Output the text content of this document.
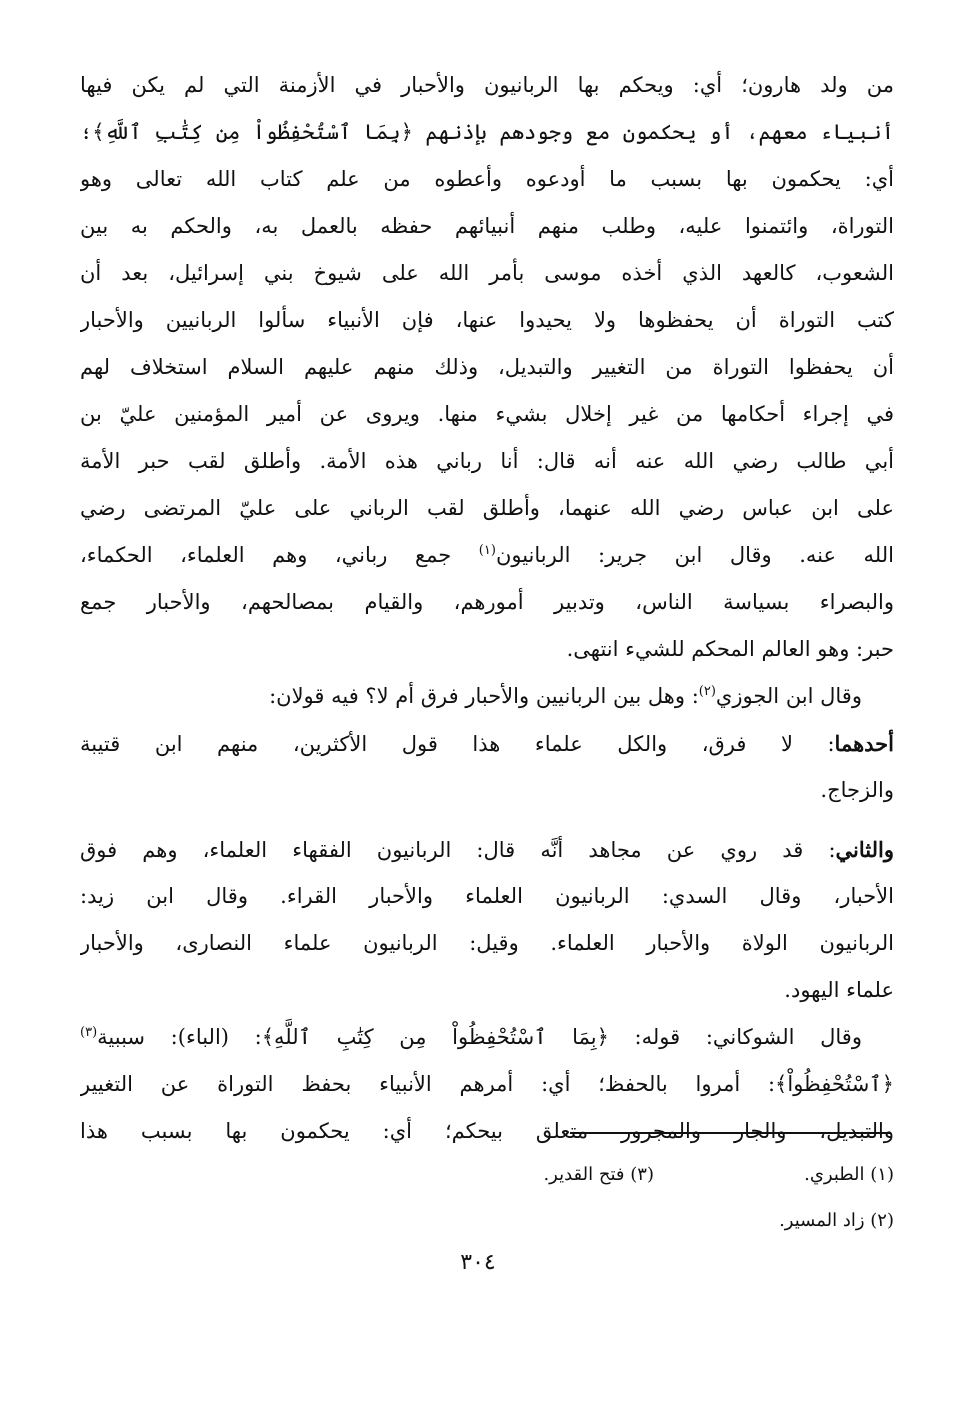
من ولد هارون؛ أي: ويحكم بها الربانيون والأحبار في الأزمنة التي لم يكن فيها
أنبياء معهم، أو يحكمون مع وجودهم بإذنهم ﴿بِمَا ٱسْتُحْفِظُواْ مِن كِتَٰبِ ٱللَّهِ﴾؛
أي: يحكمون بها بسبب ما أودعوه وأعطوه من علم كتاب الله تعالى وهو
التوراة، وائتمنوا عليه، وطلب منهم أنبيائهم حفظه بالعمل به، والحكم به بين
الشعوب، كالعهد الذي أخذه موسى بأمر الله على شيوخ بني إسرائيل، بعد أن
كتب التوراة أن يحفظوها ولا يحيدوا عنها، فإن الأنبياء سألوا الربانيين والأحبار
أن يحفظوا التوراة من التغيير والتبديل، وذلك منهم عليهم السلام استخلاف لهم
في إجراء أحكامها من غير إخلال بشيء منها. ويروى عن أمير المؤمنين عليّ بن
أبي طالب رضي الله عنه أنه قال: أنا رباني هذه الأمة. وأطلق لقب حبر الأمة
على ابن عباس رضي الله عنهما، وأطلق لقب الرباني على عليّ المرتضى رضي
الله عنه. وقال ابن جرير: الربانيون$^{(١)}$ جمع رباني، وهم العلماء، الحكماء،
والبصراء بسياسة الناس، وتدبير أمورهم، والقيام بمصالحهم، والأحبار جمع
حبر: وهو العالم المحكم للشيء انتهى.
وقال ابن الجوزي$^{(٢)}$: وهل بين الربانيين والأحبار فرق أم لا؟ فيه قولان:
أحدهما: لا فرق، والكل علماء هذا قول الأكثرين، منهم ابن قتيبة
والزجاج.
والثاني: قد روي عن مجاهد أنَّه قال: الربانيون الفقهاء العلماء، وهم فوق
الأحبار، وقال السدي: الربانيون العلماء والأحبار القراء. وقال ابن زيد:
الربانيون الولاة والأحبار العلماء. وقيل: الربانيون علماء النصارى، والأحبار
علماء اليهود.
وقال الشوكاني: قوله: ﴿بِمَا ٱسْتُحْفِظُواْ مِن كِتَٰبِ ٱللَّهِ﴾: (الباء): سببية$^{(٣)}$
﴿ٱسْتُحْفِظُواْ﴾: أمروا بالحفظ؛ أي: أمرهم الأنبياء بحفظ التوراة عن التغيير
والتبديل، والجار والمجرور متعلق بيحكم؛ أي: يحكمون بها بسبب هذا
(١) الطبري.
(٣) فتح القدير.
(٢) زاد المسير.
٣٠٤
